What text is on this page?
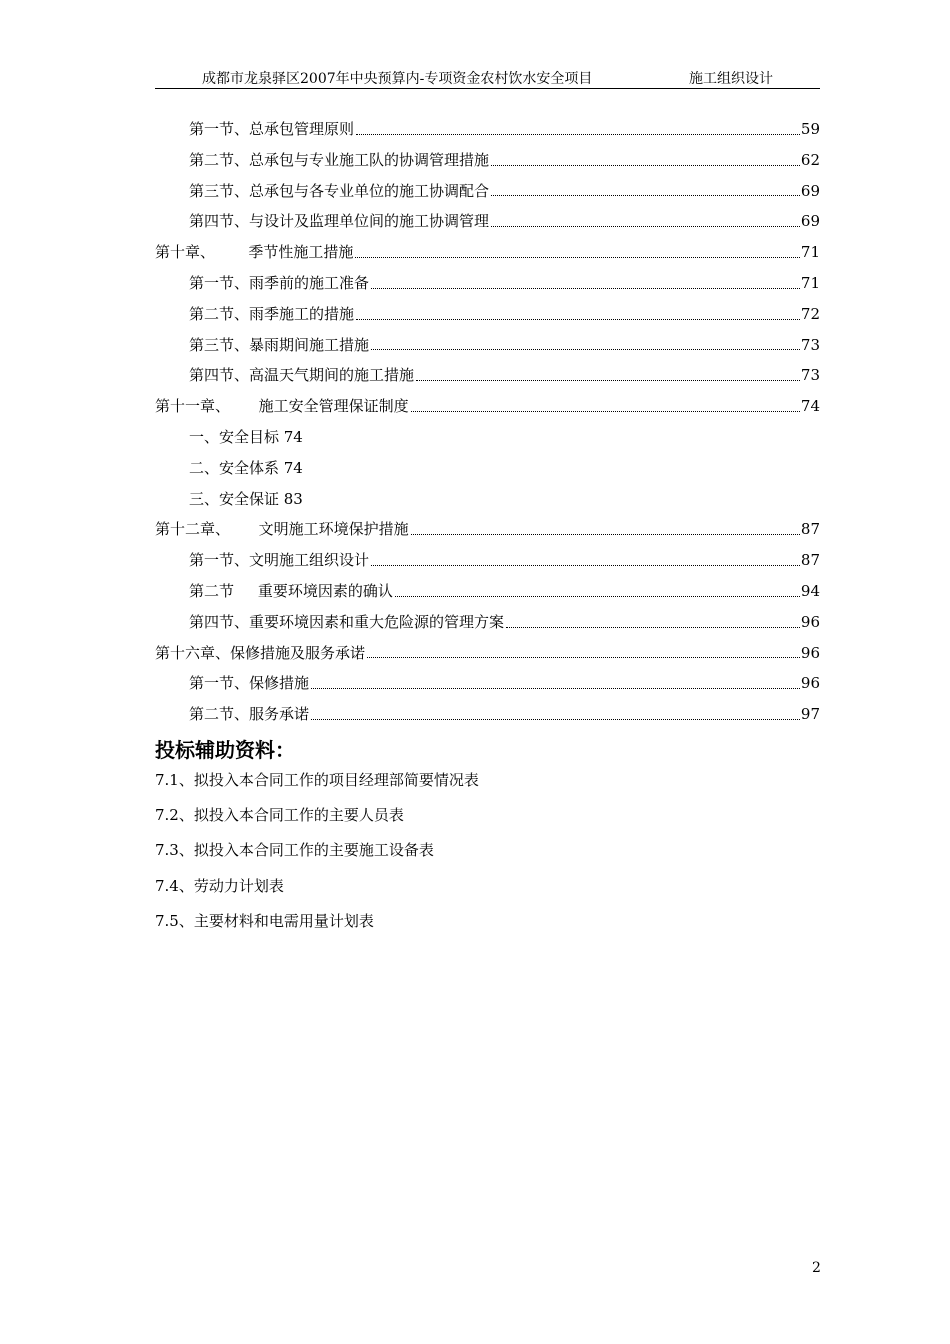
成都市龙泉驿区2007年中央预算内-专项资金农村饮水安全项目	施工组织设计
第一节、总承包管理原则	59
第二节、总承包与专业施工队的协调管理措施	62
第三节、总承包与各专业单位的施工协调配合	69
第四节、与设计及监理单位间的施工协调管理	69
第十章、       季节性施工措施	71
第一节、雨季前的施工准备	71
第二节、雨季施工的措施	72
第三节、暴雨期间施工措施	73
第四节、高温天气期间的施工措施	73
第十一章、      施工安全管理保证制度	74
一、安全目标 74
二、安全体系 74
三、安全保证 83
第十二章、      文明施工环境保护措施	87
第一节、文明施工组织设计	87
第二节     重要环境因素的确认	94
第四节、重要环境因素和重大危险源的管理方案	96
第十六章、保修措施及服务承诺	96
第一节、保修措施	96
第二节、服务承诺	97
投标辅助资料：
7.1、拟投入本合同工作的项目经理部简要情况表
7.2、拟投入本合同工作的主要人员表
7.3、拟投入本合同工作的主要施工设备表
7.4、劳动力计划表
7.5、主要材料和电需用量计划表
2
